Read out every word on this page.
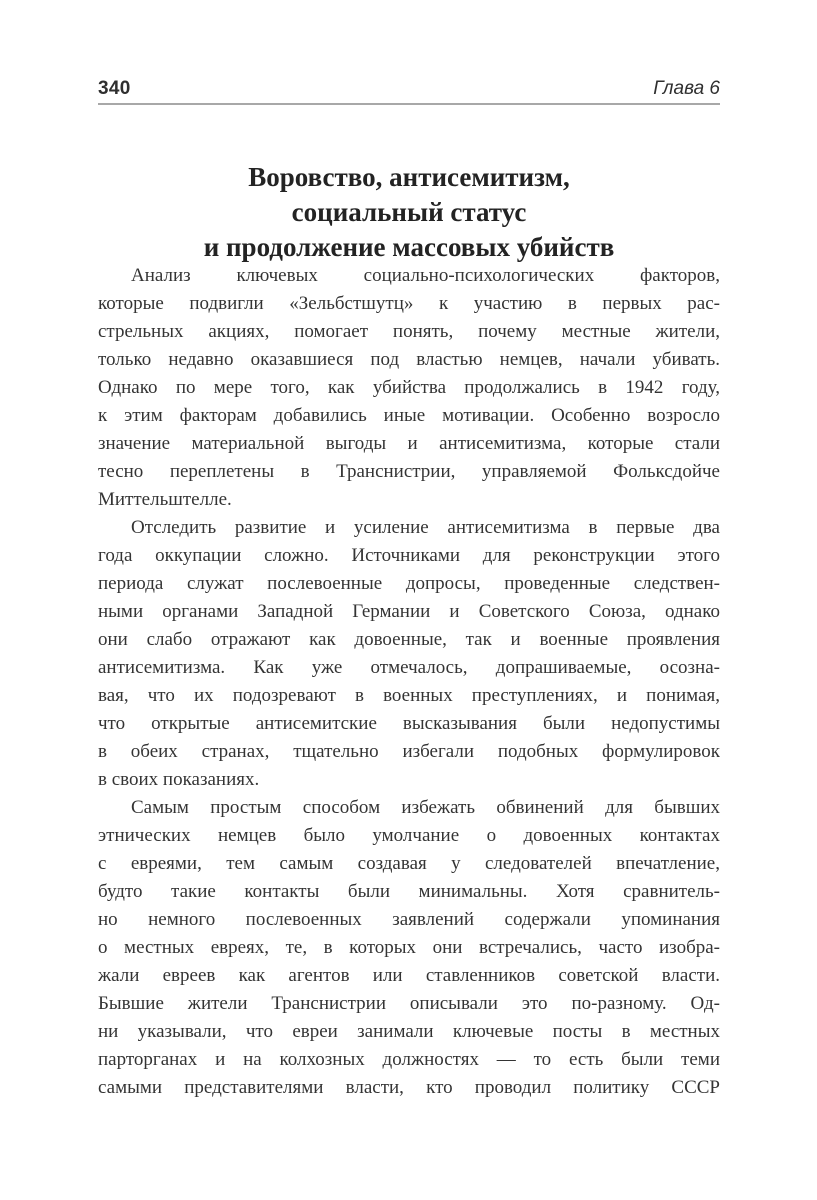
340	Глава 6
Воровство, антисемитизм,
социальный статус
и продолжение массовых убийств

Анализ ключевых социально-психологических факторов,
которые подвигли «Зельбстшутц» к участию в первых рас-
стрельных акциях, помогает понять, почему местные жители,
только недавно оказавшиеся под властью немцев, начали убивать.
Однако по мере того, как убийства продолжались в 1942 году,
к этим факторам добавились иные мотивации. Особенно возросло
значение материальной выгоды и антисемитизма, которые стали
тесно переплетены в Транснистрии, управляемой Фольксдойче
Миттельштелле.

Отследить развитие и усиление антисемитизма в первые два
года оккупации сложно. Источниками для реконструкции этого
периода служат послевоенные допросы, проведенные следствен-
ными органами Западной Германии и Советского Союза, однако
они слабо отражают как довоенные, так и военные проявления
антисемитизма. Как уже отмечалось, допрашиваемые, осозна-
вая, что их подозревают в военных преступлениях, и понимая,
что открытые антисемитские высказывания были недопустимы
в обеих странах, тщательно избегали подобных формулировок
в своих показаниях.

Самым простым способом избежать обвинений для бывших
этнических немцев было умолчание о довоенных контактах
с евреями, тем самым создавая у следователей впечатление,
будто такие контакты были минимальны. Хотя сравнитель-
но немного послевоенных заявлений содержали упоминания
о местных евреях, те, в которых они встречались, часто изобра-
жали евреев как агентов или ставленников советской власти.
Бывшие жители Транснистрии описывали это по-разному. Од-
ни указывали, что евреи занимали ключевые посты в местных
парторганах и на колхозных должностях — то есть были теми
самыми представителями власти, кто проводил политику СССР
